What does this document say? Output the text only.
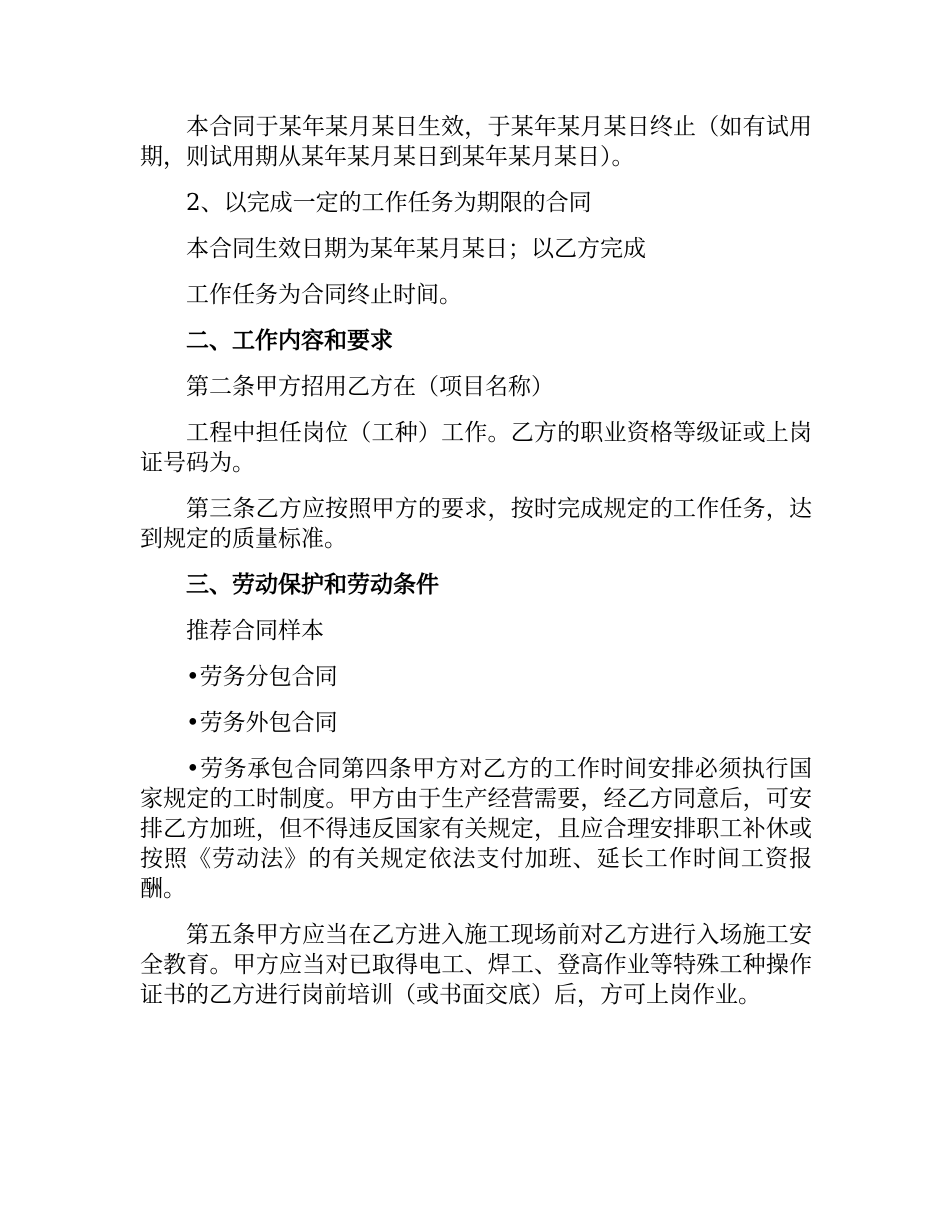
本合同于某年某月某日生效，于某年某月某日终止（如有试用期，则试用期从某年某月某日到某年某月某日）。

2、以完成一定的工作任务为期限的合同

本合同生效日期为某年某月某日；以乙方完成

工作任务为合同终止时间。

二、工作内容和要求

第二条甲方招用乙方在（项目名称）

工程中担任岗位（工种）工作。乙方的职业资格等级证或上岗证号码为。

第三条乙方应按照甲方的要求，按时完成规定的工作任务，达到规定的质量标准。

三、劳动保护和劳动条件

推荐合同样本

•劳务分包合同

•劳务外包合同

•劳务承包合同第四条甲方对乙方的工作时间安排必须执行国家规定的工时制度。甲方由于生产经营需要，经乙方同意后，可安排乙方加班，但不得违反国家有关规定，且应合理安排职工补休或按照《劳动法》的有关规定依法支付加班、延长工作时间工资报酬。

第五条甲方应当在乙方进入施工现场前对乙方进行入场施工安全教育。甲方应当对已取得电工、焊工、登高作业等特殊工种操作证书的乙方进行岗前培训（或书面交底）后，方可上岗作业。
